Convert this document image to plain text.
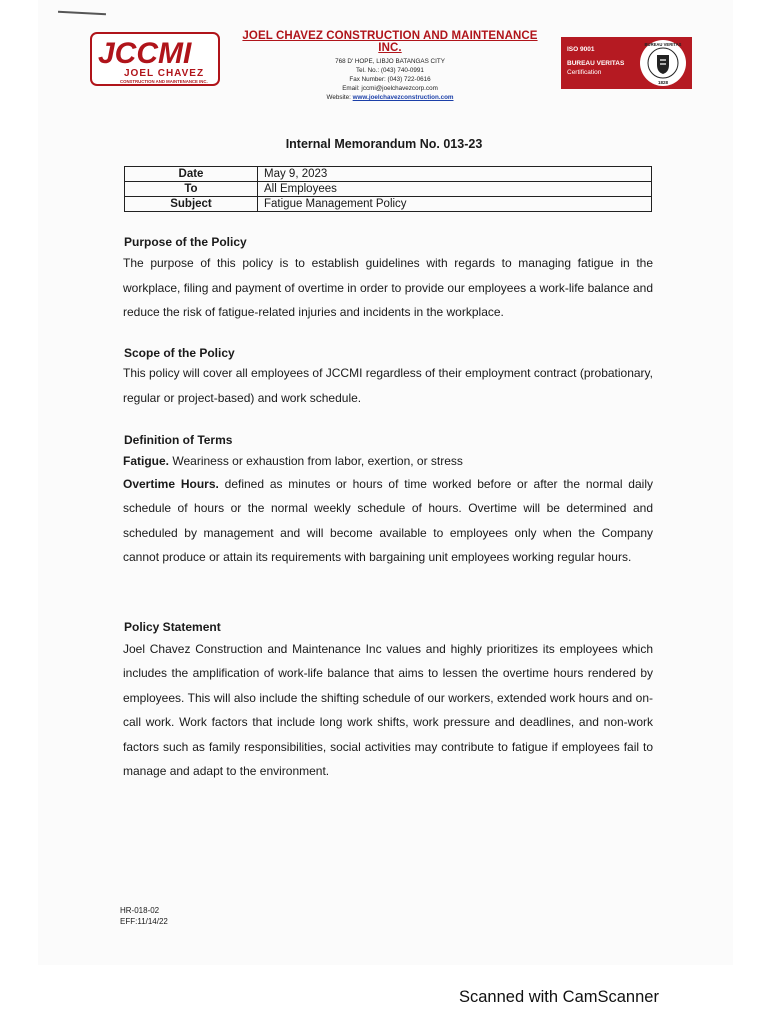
JCCMI
JOEL CHAVEZ
CONSTRUCTION AND MAINTENANCE INC.
JOEL CHAVEZ CONSTRUCTION AND MAINTENANCE INC.
768 D' HOPE, LIBJO BATANGAS CITY
Tel. No.: (043) 740-0991
Fax Number: (043) 722-0616
Email: jccmi@joelchavezcorp.com
Website: www.joelchavezconstruction.com
ISO 9001
BUREAU VERITAS
Certification
BUREAU VERITAS
1828
Internal Memorandum No. 013-23
Date	May 9, 2023
To	All Employees
Subject	Fatigue Management Policy
Purpose of the Policy
The purpose of this policy is to establish guidelines with regards to managing fatigue in the workplace, filing and payment of overtime in order to provide our employees a work-life balance and reduce the risk of fatigue-related injuries and incidents in the workplace.
Scope of the Policy
This policy will cover all employees of JCCMI regardless of their employment contract (probationary, regular or project-based) and work schedule.
Definition of Terms
Fatigue. Weariness or exhaustion from labor, exertion, or stress
Overtime Hours. defined as minutes or hours of time worked before or after the normal daily schedule of hours or the normal weekly schedule of hours. Overtime will be determined and scheduled by management and will become available to employees only when the Company cannot produce or attain its requirements with bargaining unit employees working regular hours.
Policy Statement
Joel Chavez Construction and Maintenance Inc values and highly prioritizes its employees which includes the amplification of work-life balance that aims to lessen the overtime hours rendered by employees. This will also include the shifting schedule of our workers, extended work hours and on-call work. Work factors that include long work shifts, work pressure and deadlines, and non-work factors such as family responsibilities, social activities may contribute to fatigue if employees fail to manage and adapt to the environment.
HR-018-02
EFF:11/14/22
Scanned with CamScanner
